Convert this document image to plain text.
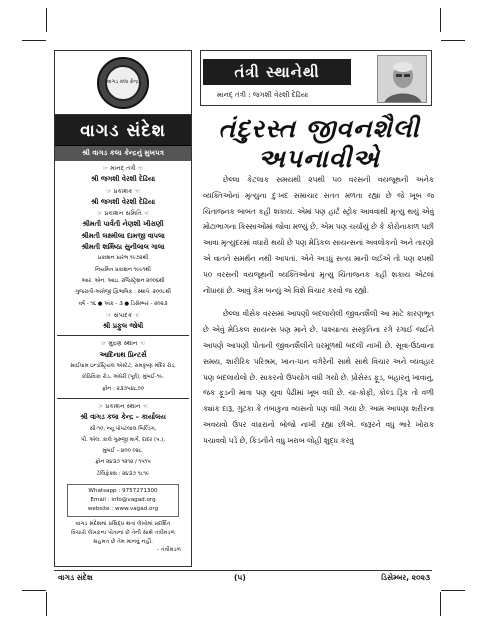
વાગડ કલા કેન્દ્ર
વાગડ સંદેશ
શ્રી વાગડ કલા કેન્દ્રનું મુખપત્ર
☞ માનદ્ તંત્રી ☜
શ્રી જગશી વેરશી દેઢિયા
☞ પ્રકાશક ☜
શ્રી જગશી વેરશી દેઢિયા
☞ પ્રકાશન સમિતિ ☜
શ્રીમતી પાર્વતી નેણશી ખીરાણી
શ્રીમતી લક્ષ્મીલા દામજી વાપલા
શ્રીમતી શર્મિષ્ઠા સુનીલાલ ગાલા
પ્રકાશન પ્રારંભ ૧૯૭૨થી
નિયમિત પ્રકાશન ૧૯૯૧થી
આર. એન. આઇ. રજિસ્ટ્રેશન ૨૦૦૬થી
ગુજરાતી-અંગ્રેજી દ્વિભાષિક : સ્થાપે. ૨૦૦૮થી
વર્ષ - ૧૬ ● અંક - ૩ ● ડિસેમ્બર - ૨૦૨૩
☞ સંપાદક ☜
શ્રી પ્રફુલ જોષી
☞ મુદ્રણ સ્થાન ☜
આદિનાથ પ્રિન્ટર્સ
સાઈધામ ઇન્ડસ્ટ્રિયલ એસ્ટેટ, રામકૃષ્ણ મંદિર રોડ,
કોઠિવિકા રોડ, અંધેરી (પૂર્વ), મુંબઈ-૧૯.
ફોન : ૨૩૭૫૪૮૭૦
☞ પ્રકાશન સ્થાન ☜
શ્રી વાગડ કલા કેન્દ્ર – કાર્યાલય
સી-૧૦, ન્યૂ પોપટલાલ બિલ્ડિંગ,
પી. એલ. કાલે ગુરુજી માર્ગ, દાદર (પ.),
મુંબઈ – ૪૦૦ ૦૨૮.
ફોન ૨૪૩૭ ૧૨૧૨ / ૧૫૧૫
ટેલિફેક્સ : ૨૪૩૭ ૧૮૧૯
Whatsapp : 9757271300
Email : info@vagad.org
website : www.vagad.org
વાગડ સંદેશમાં પ્રસિદ્ધ થતાં લેખોમાં પ્રદર્શિત
વિચારો લેખકના પોતાના છે તેની સાથે તંત્રીમંડળ
સહમત છે તેમ માનવું નહીં.
- તંત્રીમંડળ
તંત્રી સ્થાનેથી
માનદ્ તંત્રી : જગશી વેરશી દેઢિયા
તંદુરસ્ત જીવનશૈલી
અપનાવીએ

છેલ્લા કેટલાક સમયથી ૨૫થી ૫૦ વરસની વયજૂથની અનેક વ્યક્તિઓનાં મૃત્યુના દુઃખદ સમાચાર સતત મળતા રહ્યા છે જે ખૂબ જ ચિંતાજનક બાબત કહી શકાય. એમાં પણ હાર્ટ સ્ટ્રોક આવવાથી મૃત્યુ થયું એવું મોટાભાગના કિસ્સાઓમાં જોવા મળ્યું છે. એમ પણ ચર્ચાયું છે કે કોરોનાકાળ પછી આવા મૃત્યુદરમાં વધારો થયો છે પણ મેડિકલ સાયન્સનાં અવલોકનો અને તારણો એ વાતને સમર્થન નથી આપતાં. એને અડધું સત્ય માની લઈએ તો પણ ૨૫થી ૫૦ વરસની વયજૂથની વ્યક્તિઓનાં મૃત્યુ ચિંતાજનક કહી શકાય એટલાં નોંધાયાં છે. આવું કેમ બન્યું એ વિશે વિચાર કરવો જ રહ્યો.

છેલ્લા વીસેક વરસમાં આપણી બદલાયેલી જીવનશૈલી આ માટે કારણભૂત છે એવું મેડિકલ સાયન્સ પણ માને છે. પાશ્ચાત્ય સંસ્કૃતિના રંગે રંગાઈ જઈને આપણે આપણી પોતાની જીવનશૈલીને ધરમૂળથી બદલી નાખી છે. સૂવા-ઉઠવાના સમય, શારીરિક પરિશ્રમ, ખાન-પાન વગેરેની સાથે સાથે વિચાર અને વ્યવહાર પણ બદલાયેલો છે. સાકરનો ઉપયોગ વધી ગયો છે. પ્રોસેસ્ડ ફૂડ, બહારનું ખાવાનું, જંક ફૂડની માત્રા પણ યુવા પેઢીમાં ખૂબ વધી છે. ચા-કોફી, કોલ્ડ ડ્રિંક તો વળી ક્યાંક દારૂ, ગુટકા કે તંબાકુના વ્યસનો પણ વધી ગયા છે. આમ આપણા શરીરના અવયવો ઉપર વધારાનો બોજો નાખી રહ્યા છીએ. જરૂરને વધુ ભારે ખોરાક પચાવવો પડે છે, કિડનીને વધુ ખરાબ લોહી શુદ્ધ કરવું

વાગડ સંદેશ	(૫)	ડિસેમ્બર, ૨૦૨૩
